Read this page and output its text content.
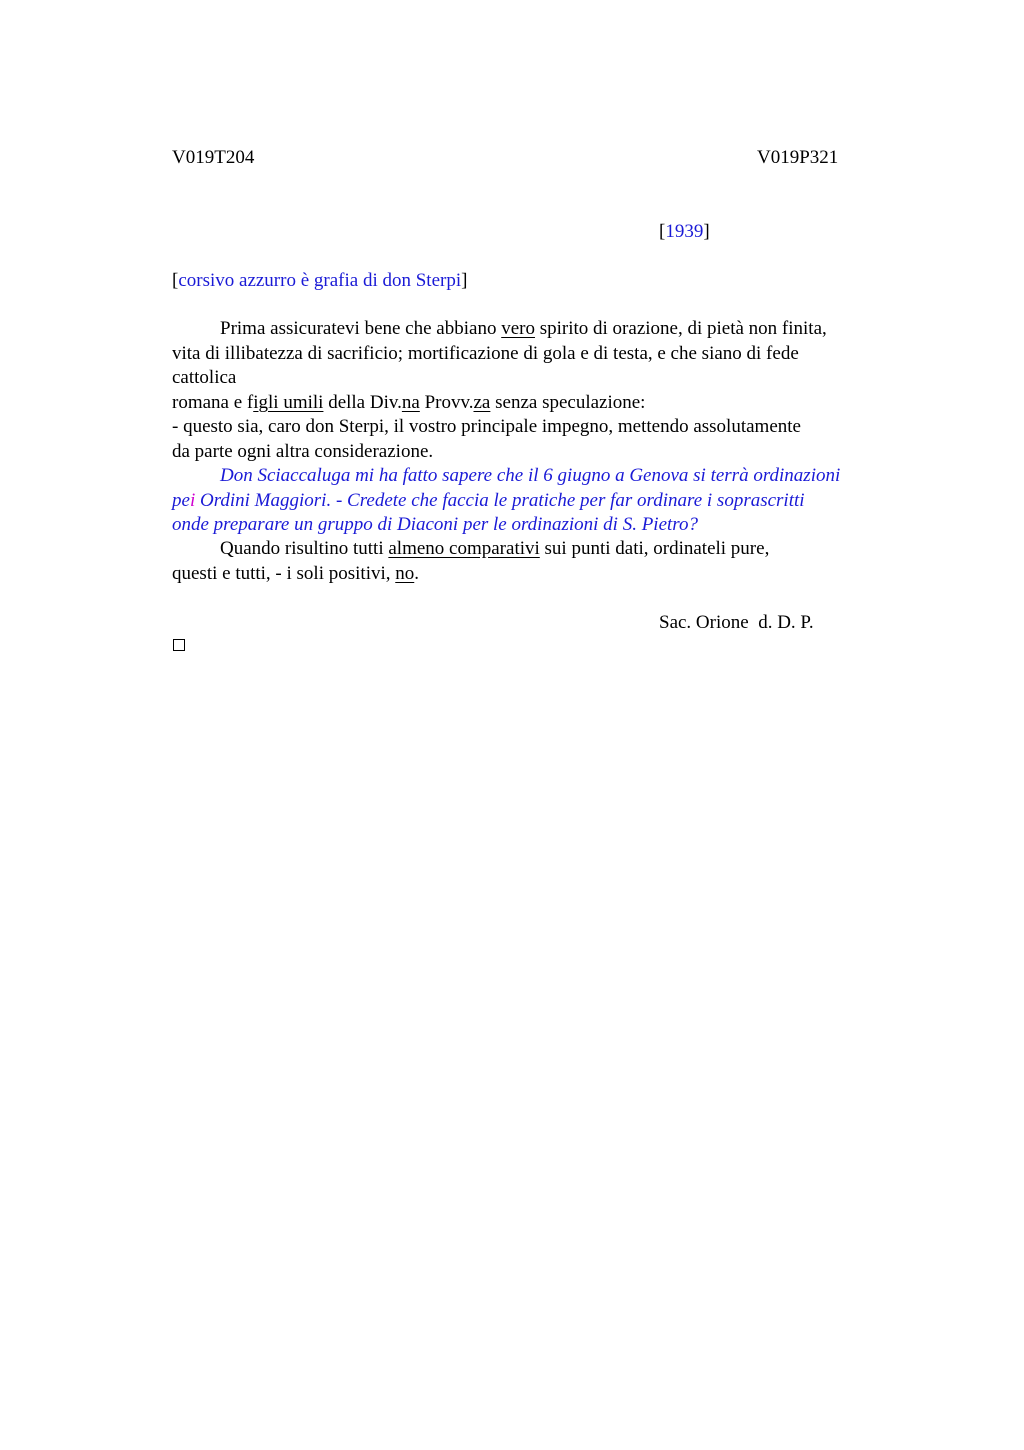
V019T204	V019P321
[1939]
[corsivo azzurro è grafia di don Sterpi]
Prima assicuratevi bene che abbiano vero spirito di orazione, di pietà non finita,
vita di illibatezza di sacrificio; mortificazione di gola e di testa, e che siano di fede
cattolica
romana e figli umili della Div.na Provv.za senza speculazione:
- questo sia, caro don Sterpi, il vostro principale impegno, mettendo assolutamente
da parte ogni altra considerazione.
Don Sciaccaluga mi ha fatto sapere che il 6 giugno a Genova si terrà ordinazioni
pei Ordini Maggiori. - Credete che faccia le pratiche per far ordinare i soprascritti
onde preparare un gruppo di Diaconi per le ordinazioni di S. Pietro?
Quando risultino tutti almeno comparativi sui punti dati, ordinateli pure,
questi e tutti, - i soli positivi, no.
Sac. Orione  d. D. P.
